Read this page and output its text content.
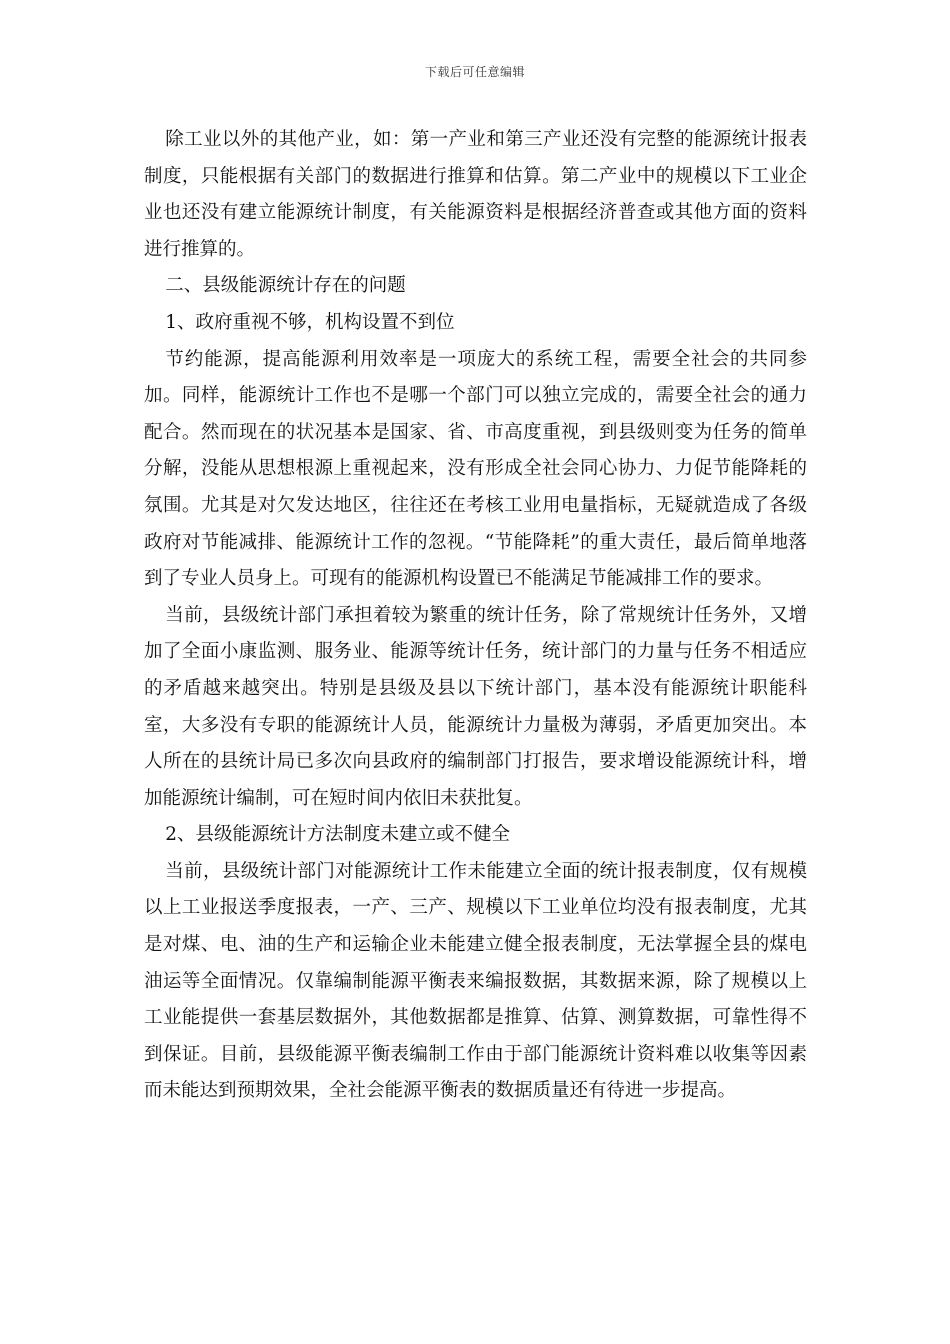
下载后可任意编辑

除工业以外的其他产业，如：第一产业和第三产业还没有完整的能源统计报表制度，只能根据有关部门的数据进行推算和估算。第二产业中的规模以下工业企业也还没有建立能源统计制度，有关能源资料是根据经济普查或其他方面的资料进行推算的。

二、县级能源统计存在的问题

1、政府重视不够，机构设置不到位

节约能源，提高能源利用效率是一项庞大的系统工程，需要全社会的共同参加。同样，能源统计工作也不是哪一个部门可以独立完成的，需要全社会的通力配合。然而现在的状况基本是国家、省、市高度重视，到县级则变为任务的简单分解，没能从思想根源上重视起来，没有形成全社会同心协力、力促节能降耗的氛围。尤其是对欠发达地区，往往还在考核工业用电量指标，无疑就造成了各级政府对节能减排、能源统计工作的忽视。“节能降耗”的重大责任，最后简单地落到了专业人员身上。可现有的能源机构设置已不能满足节能减排工作的要求。

当前，县级统计部门承担着较为繁重的统计任务，除了常规统计任务外，又增加了全面小康监测、服务业、能源等统计任务，统计部门的力量与任务不相适应的矛盾越来越突出。特别是县级及县以下统计部门，基本没有能源统计职能科室，大多没有专职的能源统计人员，能源统计力量极为薄弱，矛盾更加突出。本人所在的县统计局已多次向县政府的编制部门打报告，要求增设能源统计科，增加能源统计编制，可在短时间内依旧未获批复。

2、县级能源统计方法制度未建立或不健全

当前，县级统计部门对能源统计工作未能建立全面的统计报表制度，仅有规模以上工业报送季度报表，一产、三产、规模以下工业单位均没有报表制度，尤其是对煤、电、油的生产和运输企业未能建立健全报表制度，无法掌握全县的煤电油运等全面情况。仅靠编制能源平衡表来编报数据，其数据来源，除了规模以上工业能提供一套基层数据外，其他数据都是推算、估算、测算数据，可靠性得不到保证。目前，县级能源平衡表编制工作由于部门能源统计资料难以收集等因素而未能达到预期效果，全社会能源平衡表的数据质量还有待进一步提高。
